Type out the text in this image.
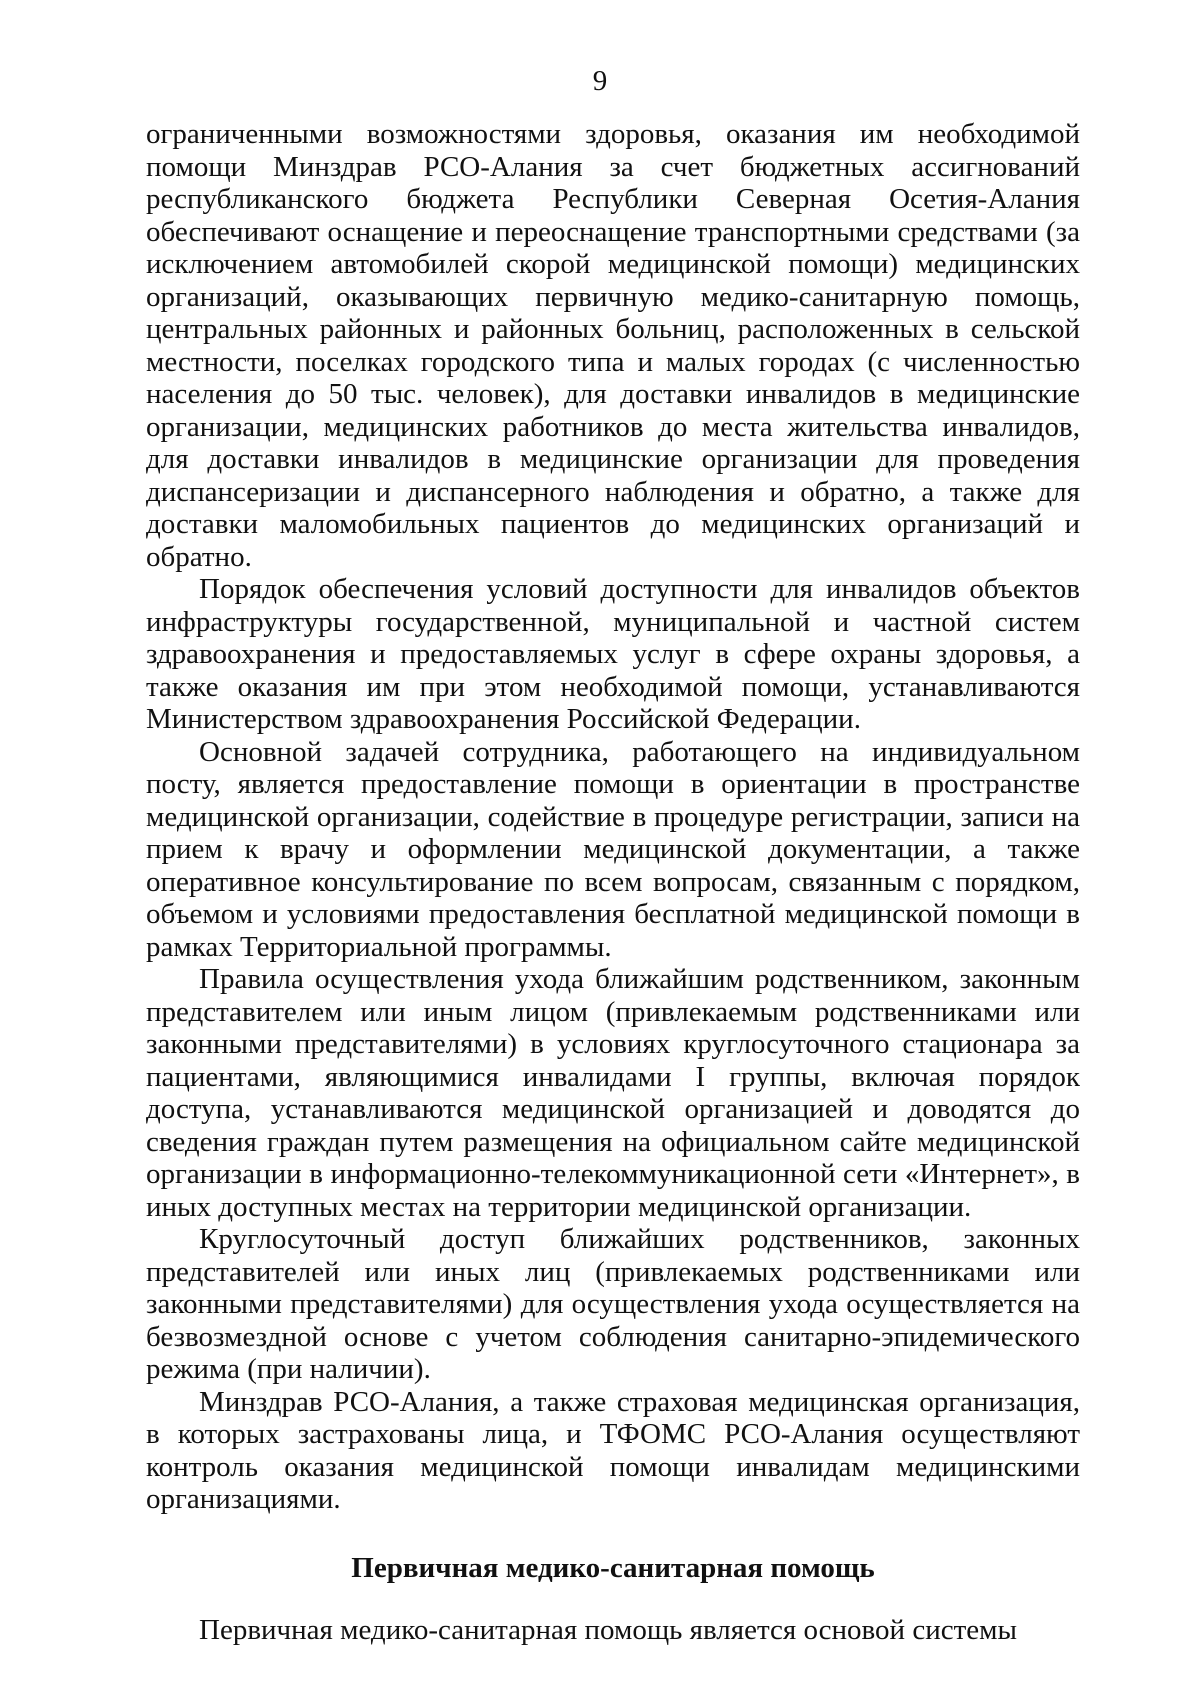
9

ограниченными возможностями здоровья, оказания им необходимой помощи Минздрав РСО-Алания за счет бюджетных ассигнований республиканского бюджета Республики Северная Осетия-Алания обеспечивают оснащение и переоснащение транспортными средствами (за исключением автомобилей скорой медицинской помощи) медицинских организаций, оказывающих первичную медико-санитарную помощь, центральных районных и районных больниц, расположенных в сельской местности, поселках городского типа и малых городах (с численностью населения до 50 тыс. человек), для доставки инвалидов в медицинские организации, медицинских работников до места жительства инвалидов, для доставки инвалидов в медицинские организации для проведения диспансеризации и диспансерного наблюдения и обратно, а также для доставки маломобильных пациентов до медицинских организаций и обратно.

Порядок обеспечения условий доступности для инвалидов объектов инфраструктуры государственной, муниципальной и частной систем здравоохранения и предоставляемых услуг в сфере охраны здоровья, а также оказания им при этом необходимой помощи, устанавливаются Министерством здравоохранения Российской Федерации.

Основной задачей сотрудника, работающего на индивидуальном посту, является предоставление помощи в ориентации в пространстве медицинской организации, содействие в процедуре регистрации, записи на прием к врачу и оформлении медицинской документации, а также оперативное консультирование по всем вопросам, связанным с порядком, объемом и условиями предоставления бесплатной медицинской помощи в рамках Территориальной программы.

Правила осуществления ухода ближайшим родственником, законным представителем или иным лицом (привлекаемым родственниками или законными представителями) в условиях круглосуточного стационара за пациентами, являющимися инвалидами I группы, включая порядок доступа, устанавливаются медицинской организацией и доводятся до сведения граждан путем размещения на официальном сайте медицинской организации в информационно-телекоммуникационной сети «Интернет», в иных доступных местах на территории медицинской организации.

Круглосуточный доступ ближайших родственников, законных представителей или иных лиц (привлекаемых родственниками или законными представителями) для осуществления ухода осуществляется на безвозмездной основе с учетом соблюдения санитарно-эпидемического режима (при наличии).

Минздрав РСО-Алания, а также страховая медицинская организация, в которых застрахованы лица, и ТФОМС РСО-Алания осуществляют контроль оказания медицинской помощи инвалидам медицинскими организациями.

Первичная медико-санитарная помощь

Первичная медико-санитарная помощь является основой системы
